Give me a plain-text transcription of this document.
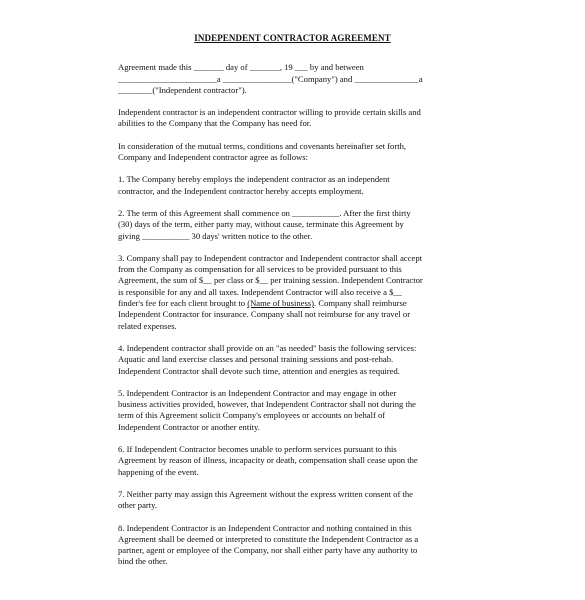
INDEPENDENT CONTRACTOR AGREEMENT

Agreement made this _______ day of _______, 19 ___ by and between
_______________________a ________________("Company") and _______________a
________("Independent contractor").

Independent contractor is an independent contractor willing to provide certain skills and
abilities to the Company that the Company has need for.

In consideration of the mutual terms, conditions and covenants hereinafter set forth,
Company and Independent contractor agree as follows:

1. The Company hereby employs the independent contractor as an independent
contractor, and the Independent contractor hereby accepts employment.

2. The term of this Agreement shall commence on ___________. After the first thirty
(30) days of the term, either party may, without cause, terminate this Agreement by
giving ___________ 30 days' written notice to the other.

3. Company shall pay to Independent contractor and Independent contractor shall accept
from the Company as compensation for all services to be provided pursuant to this
Agreement, the sum of $__ per class or $__ per training session. Independent Contractor
is responsible for any and all taxes. Independent Contractor will also receive a $__
finder's fee for each client brought to (Name of business). Company shall reimburse
Independent Contractor for insurance. Company shall not reimburse for any travel or
related expenses.

4. Independent contractor shall provide on an "as needed" basis the following services:
Aquatic and land exercise classes and personal training sessions and post-rehab.
Independent Contractor shall devote such time, attention and energies as required.

5. Independent Contractor is an Independent Contractor and may engage in other
business activities provided, however, that Independent Contractor shall not during the
term of this Agreement solicit Company's employees or accounts on behalf of
Independent Contractor or another entity.

6. If Independent Contractor becomes unable to perform services pursuant to this
Agreement by reason of illness, incapacity or death, compensation shall cease upon the
happening of the event.

7. Neither party may assign this Agreement without the express written consent of the
other party.

8. Independent Contractor is an Independent Contractor and nothing contained in this
Agreement shall be deemed or interpreted to constitute the Independent Contractor as a
partner, agent or employee of the Company, nor shall either party have any authority to
bind the other.
